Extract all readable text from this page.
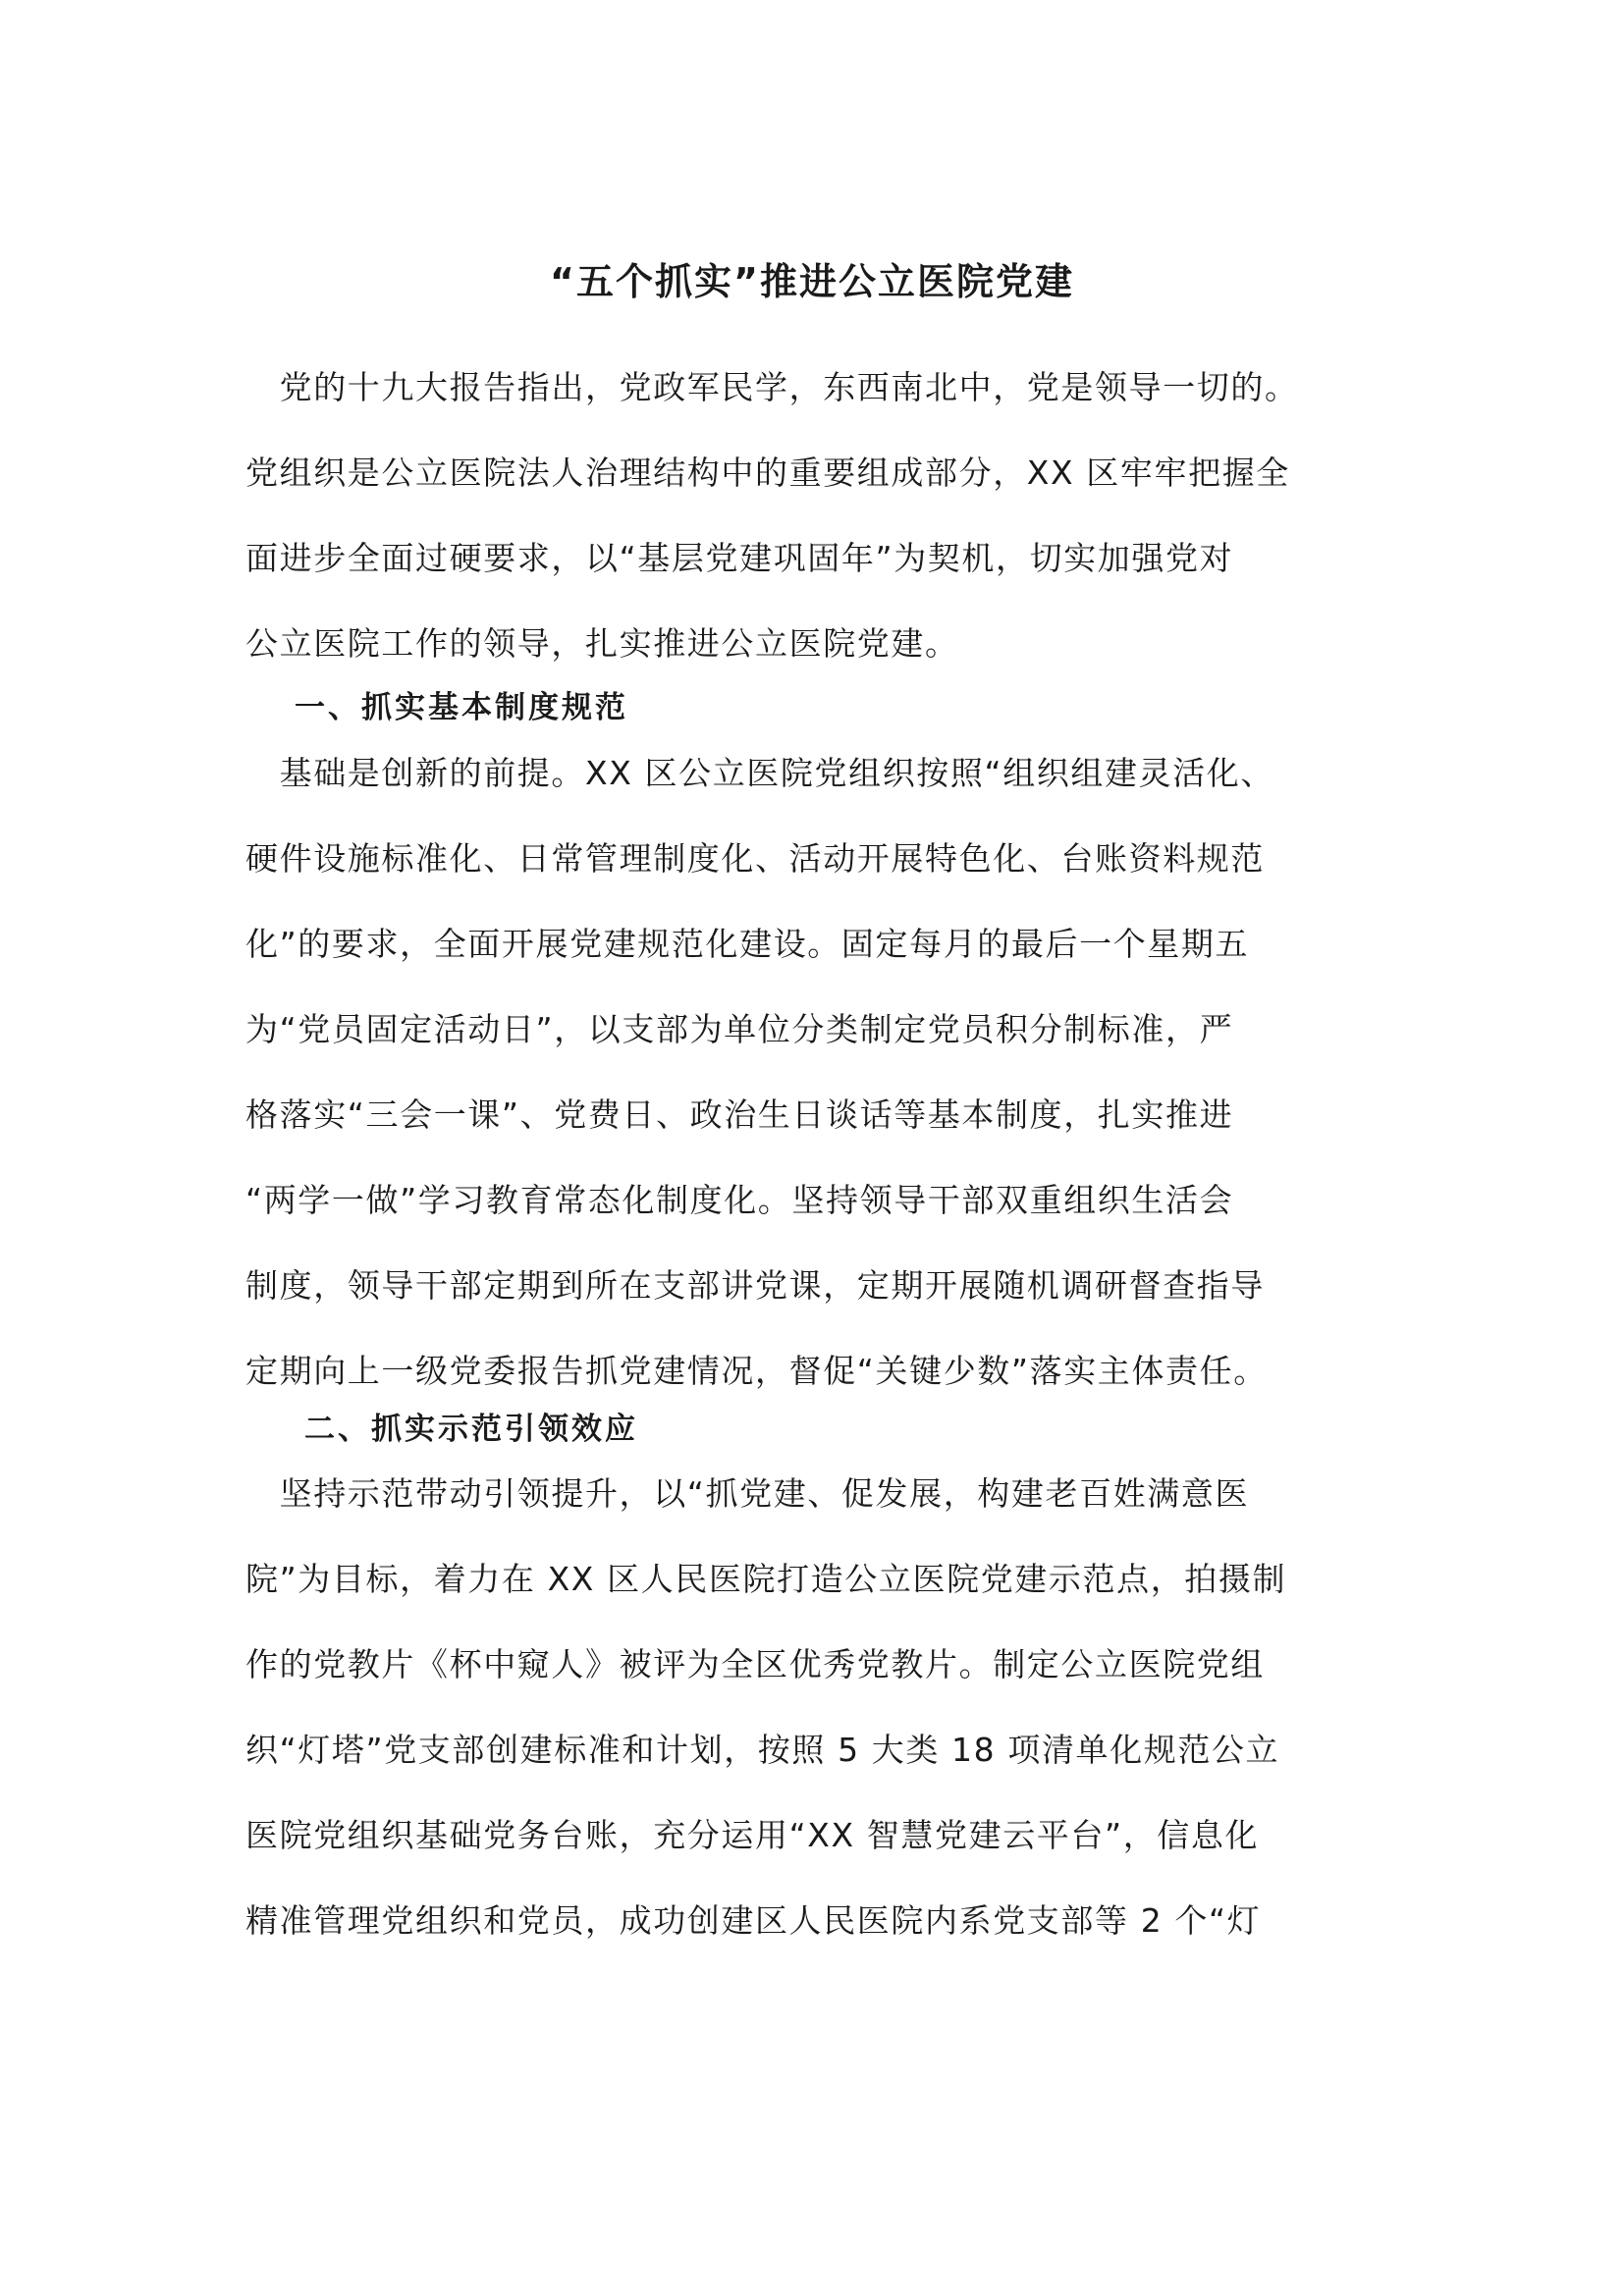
“五个抓实”推进公立医院党建

　党的十九大报告指出，党政军民学，东西南北中，党是领导一切的。
党组织是公立医院法人治理结构中的重要组成部分，XX 区牢牢把握全
面进步全面过硬要求，以“基层党建巩固年”为契机，切实加强党对
公立医院工作的领导，扎实推进公立医院党建。

一、抓实基本制度规范

　基础是创新的前提。XX 区公立医院党组织按照“组织组建灵活化、
硬件设施标准化、日常管理制度化、活动开展特色化、台账资料规范
化”的要求，全面开展党建规范化建设。固定每月的最后一个星期五
为“党员固定活动日”，以支部为单位分类制定党员积分制标准，严
格落实“三会一课”、党费日、政治生日谈话等基本制度，扎实推进
“两学一做”学习教育常态化制度化。坚持领导干部双重组织生活会
制度，领导干部定期到所在支部讲党课，定期开展随机调研督查指导
定期向上一级党委报告抓党建情况，督促“关键少数”落实主体责任。

二、抓实示范引领效应

　坚持示范带动引领提升，以“抓党建、促发展，构建老百姓满意医
院”为目标，着力在 XX 区人民医院打造公立医院党建示范点，拍摄制
作的党教片《杯中窥人》被评为全区优秀党教片。制定公立医院党组
织“灯塔”党支部创建标准和计划，按照 5 大类 18 项清单化规范公立
医院党组织基础党务台账，充分运用“XX 智慧党建云平台”，信息化
精准管理党组织和党员，成功创建区人民医院内系党支部等 2 个“灯
